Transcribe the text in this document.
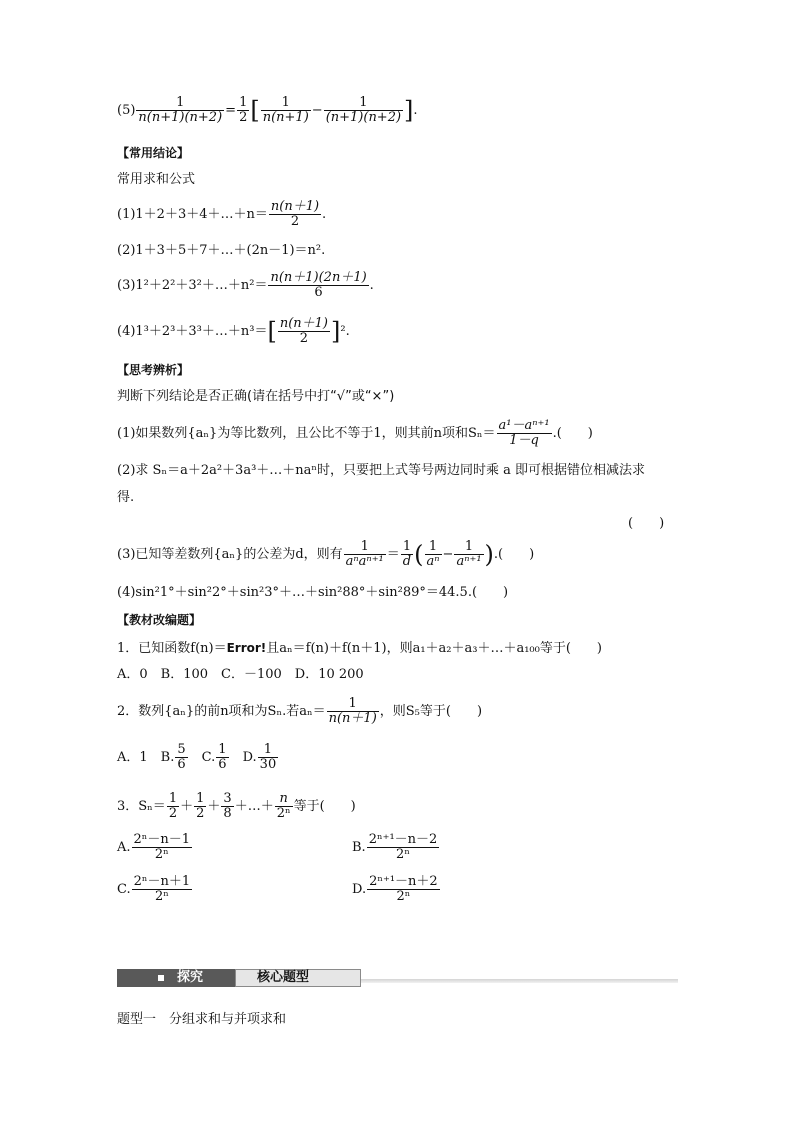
$(5) \frac{1}{n(n+1)(n+2)} = \frac{1}{2}$ [ $\frac{1}{n(n+1)} - \frac{1}{(n+1)(n+2)}$ ].
【常用结论】
常用求和公式
(1)1＋2＋3＋4＋…＋n＝ $\frac{n(n+1)}{2}$ .
(2)1＋3＋5＋7＋…＋(2n－1)＝n².
(3)1²＋2²＋3²＋…＋n²＝ $\frac{n(n+1)(2n+1)}{6}$ .
(4)1³＋2³＋3³＋…＋n³＝[ $\frac{n(n+1)}{2} ]^2$.
【思考辨析】
判断下列结论是否正确(请在括号中打“√”或“×”)
(1)如果数列{aₙ}为等比数列，且公比不等于1，则其前n项和$S_n= \frac{\text{a¹－aⁿ⁺¹}}{1-q}$ .(　　)
(2)求 Sₙ＝a＋2a²＋3a³＋…＋naⁿ时，只要把上式等号两边同时乘 a 即可根据错位相减法求
得.
(　　)
(3)已知等差数列{aₙ}的公差为d，则有 $\frac{1}{\text{aⁿaⁿ⁺¹}} = \frac{1}{d}$ ( $\frac{1}{\text{aⁿ}} - \frac{1}{\text{aⁿ⁺¹}}$ ).(　　)
(4)sin²1°＋sin²2°＋sin²3°＋…＋sin²88°＋sin²89°＝44.5.(　　)
【教材改编题】
1．已知函数f(n)＝Error!且aₙ＝f(n)＋f(n＋1)，则a₁＋a₂＋a₃＋…＋a₁₀₀等于(　　)
A．0　B．100　C．－100　D．10 200
2．数列{aₙ}的前n项和为Sₙ.若$a_n= \frac{1}{n(n+1)}$ ，则S₅等于(　　)
A．1　B. $\frac{5}{6}$
　 C. $\frac{1}{6}$
　 D. $\frac{1}{30}$
3．$S_n= \frac{1}{2} + \frac{1}{2} + \frac{3}{8}$ ＋…＋ $\frac{n}{\text{2ⁿ}}$ 等于(　　)
A. $\frac{\text{2ⁿ－n－1}}{\text{2ⁿ}}$	B. $\frac{\text{2ⁿ⁺¹－n－2}}{\text{2ⁿ}}$
C. $\frac{\text{2ⁿ－n＋1}}{\text{2ⁿ}}$	D. $\frac{\text{2ⁿ⁺¹－n＋2}}{\text{2ⁿ}}$
探究	核心题型
题型一　分组求和与并项求和
